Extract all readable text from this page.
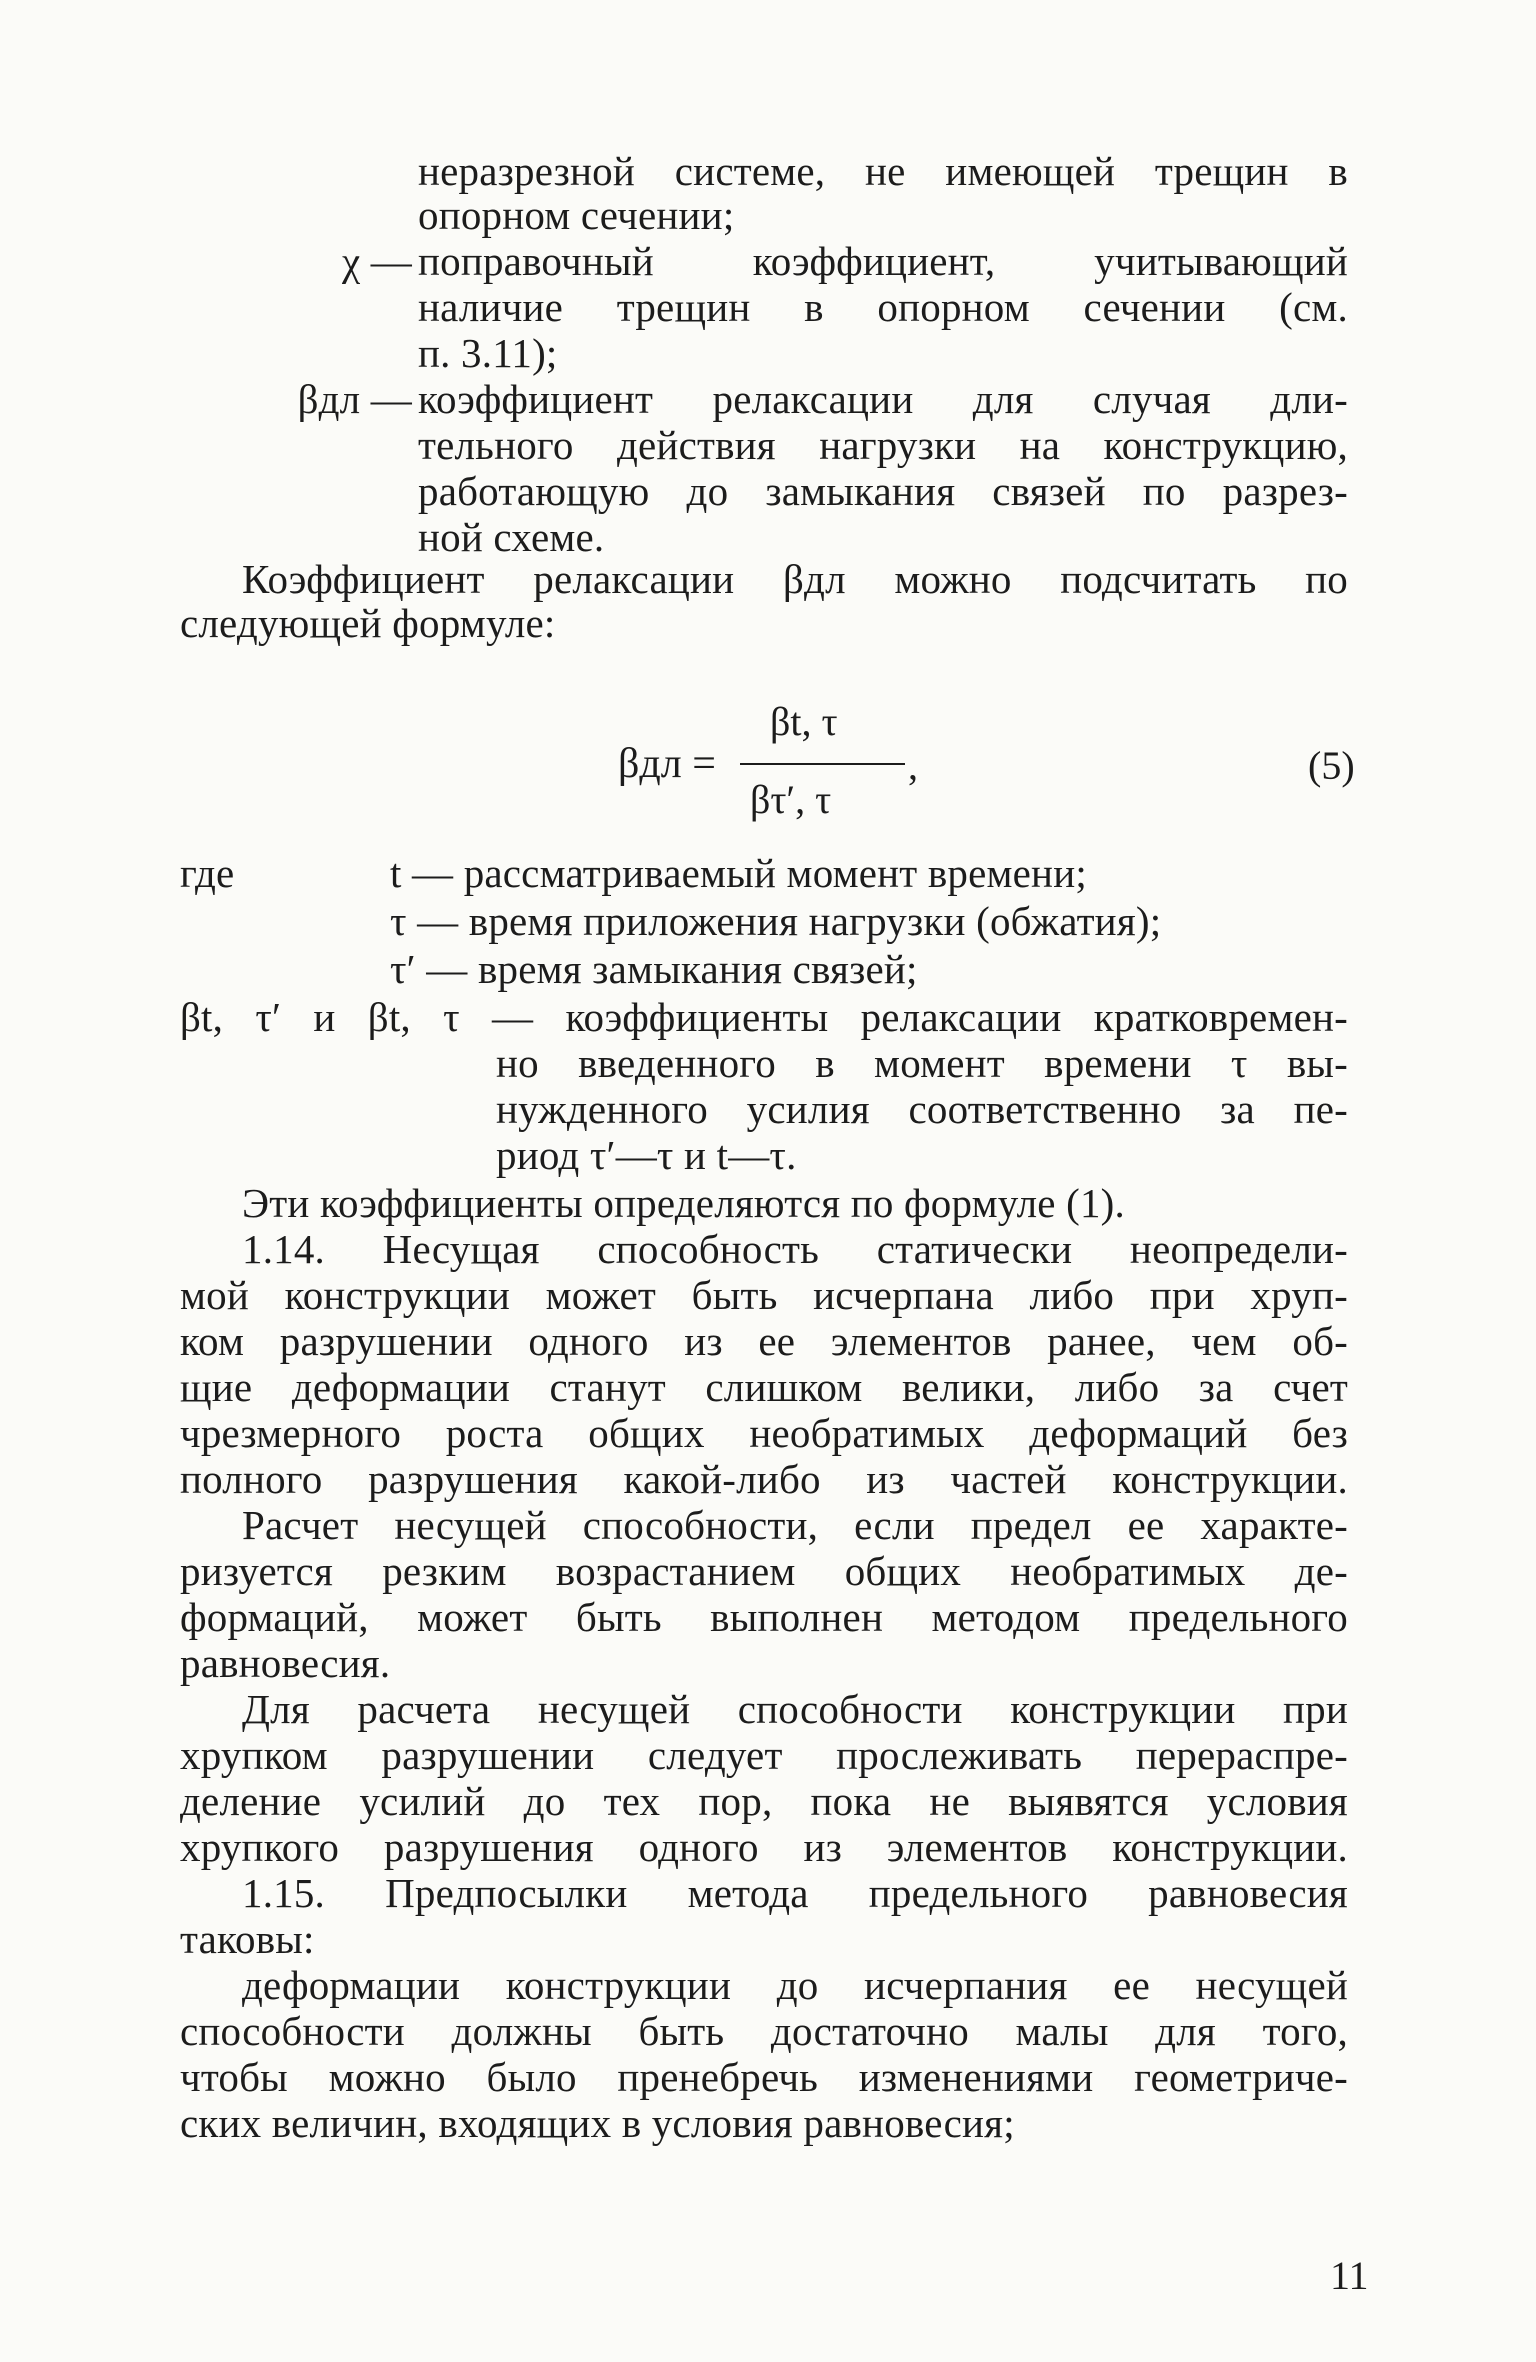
βдл =
βt, τ
βτ′, τ
,	(5)
11
неразрезной системе, не имеющей трещин в
опорном сечении;
поправочный коэффициент, учитывающий
χ —
наличие трещин в опорном сечении (см.
п. 3.11);
коэффициент релаксации для случая дли-
βдл —
тельного действия нагрузки на конструкцию,
работающую до замыкания связей по разрез-
ной схеме.
Коэффициент релаксации βдл можно подсчитать по
следующей формуле:
где	t — рассматриваемый момент времени;
τ — время приложения нагрузки (обжатия);
τ′ — время замыкания связей;
βt, τ′ и βt, τ — коэффициенты релаксации кратковремен-
но введенного в момент времени τ вы-
нужденного усилия соответственно за пе-
риод τ′—τ и t—τ.
Эти коэффициенты определяются по формуле (1).
1.14. Несущая способность статически неопредели-
мой конструкции может быть исчерпана либо при хруп-
ком разрушении одного из ее элементов ранее, чем об-
щие деформации станут слишком велики, либо за счет
чрезмерного роста общих необратимых деформаций без
полного разрушения какой-либо из частей конструкции.
Расчет несущей способности, если предел ее характе-
ризуется резким возрастанием общих необратимых де-
формаций, может быть выполнен методом предельного
равновесия.
Для расчета несущей способности конструкции при
хрупком разрушении следует прослеживать перераспре-
деление усилий до тех пор, пока не выявятся условия
хрупкого разрушения одного из элементов конструкции.
1.15. Предпосылки метода предельного равновесия
таковы:
деформации конструкции до исчерпания ее несущей
способности должны быть достаточно малы для того,
чтобы можно было пренебречь изменениями геометриче-
ских величин, входящих в условия равновесия;
